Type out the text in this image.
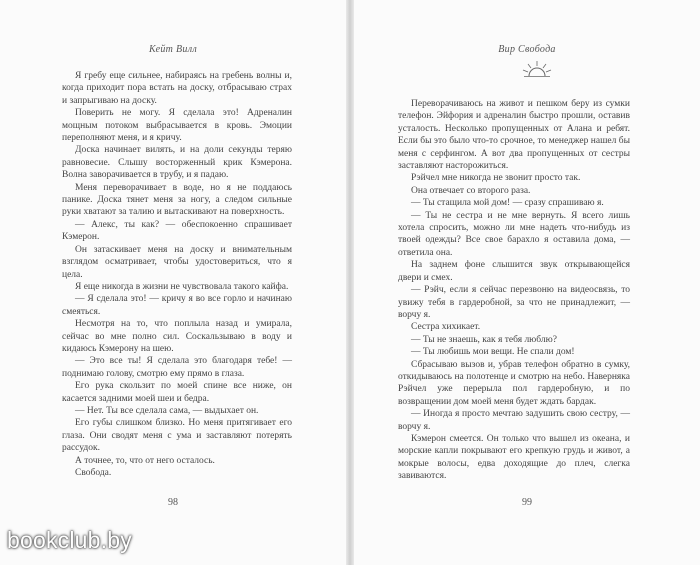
Кейт Вилл

Я гребу еще сильнее, набираясь на гребень волны и, когда приходит пора встать на доску, отбрасываю страх и запрыгиваю на доску.

Поверить не могу. Я сделала это! Адреналин мощным потоком выбрасывается в кровь. Эмоции переполняют меня, и я кричу.

Доска начинает вилять, и на доли секунды теряю равновесие. Слышу восторженный крик Кэмерона. Волна заворачивается в трубу, и я падаю.

Меня переворачивает в воде, но я не поддаюсь панике. Доска тянет меня за ногу, а следом сильные руки хватают за талию и вытаскивают на поверхность.

— Алекс, ты как? — обеспокоенно спрашивает Кэмерон.

Он затаскивает меня на доску и внимательным взглядом осматривает, чтобы удостовериться, что я цела.

Я еще никогда в жизни не чувствовала такого кайфа.

— Я сделала это! — кричу я во все горло и начинаю смеяться.

Несмотря на то, что поплыла назад и умирала, сейчас во мне полно сил. Соскальзываю в воду и кидаюсь Кэмерону на шею.

— Это все ты! Я сделала это благодаря тебе! — поднимаю голову, смотрю ему прямо в глаза.

Его рука скользит по моей спине все ниже, он касается задними моей шеи и бедра.

— Нет. Ты все сделала сама, — выдыхает он.

Его губы слишком близко. Но меня притягивает его глаза. Они сводят меня с ума и заставляют потерять рассудок.

А точнее, то, что от него осталось.

Свобода.

98
Вир Свобода

Переворачиваюсь на живот и пешком беру из сумки телефон. Эйфория и адреналин быстро прошли, оставив усталость. Несколько пропущенных от Алана и ребят. Если бы это было что-то срочное, то менеджер нашел бы меня с серфингом. А вот два пропущенных от сестры заставляют насторожиться.

Рэйчел мне никогда не звонит просто так.

Она отвечает со второго раза.

— Ты стащила мой дом! — сразу спрашиваю я.

— Ты не сестра и не мне вернуть. Я всего лишь хотела спросить, можно ли мне надеть что-нибудь из твоей одежды? Все свое барахло я оставила дома, — ответила она.

На заднем фоне слышится звук открывающейся двери и смех.

— Рэйч, если я сейчас перезвоню на видеосвязь, то увижу тебя в гардеробной, за что не принадлежит, — ворчу я.

Сестра хихикает.

— Ты не знаешь, как я тебя люблю?

— Ты любишь мои вещи. Не спали дом!

Сбрасываю вызов и, убрав телефон обратно в сумку, откидываюсь на полотенце и смотрю на небо. Наверняка Рэйчел уже перерыла пол гардеробную, и по возвращении дом моей меня будет ждать бардак.

— Иногда я просто мечтаю задушить свою сестру, — ворчу я.

Кэмерон смеется. Он только что вышел из океана, и морские капли покрывают его крепкую грудь и живот, а мокрые волосы, едва доходящие до плеч, слегка завиваются.

99
bookclub.by
